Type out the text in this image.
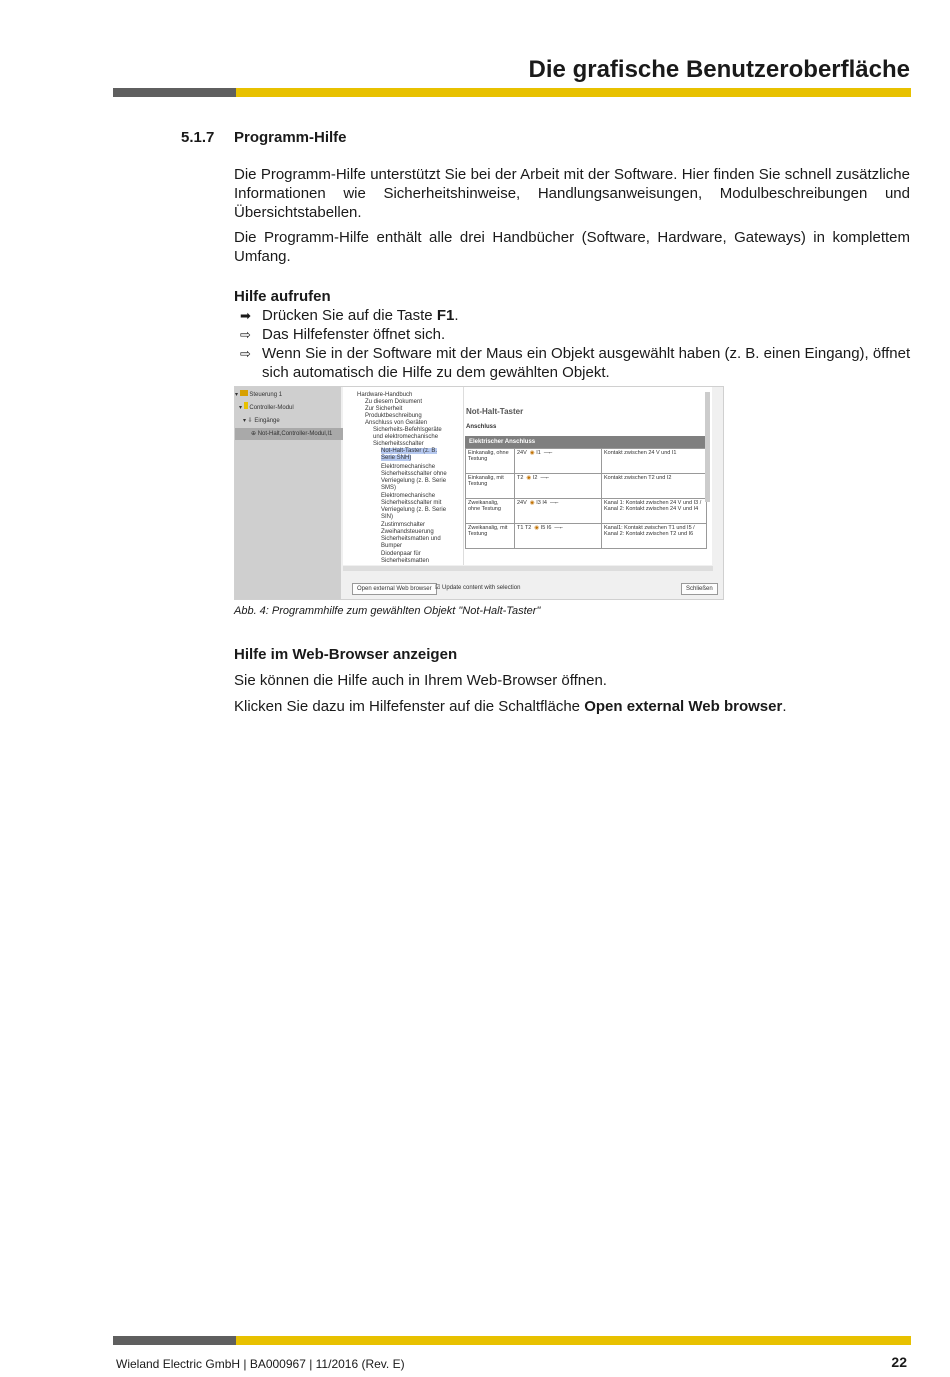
Die grafische Benutzeroberfläche
5.1.7 Programm-Hilfe

Die Programm-Hilfe unterstützt Sie bei der Arbeit mit der Software. Hier finden Sie schnell zusätzliche Informationen wie Sicherheitshinweise, Handlungsanweisungen, Modulbeschreibungen und Übersichtstabellen.

Die Programm-Hilfe enthält alle drei Handbücher (Software, Hardware, Gateways) in komplettem Umfang.

Hilfe aufrufen
➡ Drücken Sie auf die Taste F1.
⇨ Das Hilfefenster öffnet sich.
⇨ Wenn Sie in der Software mit der Maus ein Objekt ausgewählt haben (z. B. einen Eingang), öffnet sich automatisch die Hilfe zu dem gewählten Objekt.
▾  Steuerung 1
▾  Controller-Modul
▾ ⇩ Eingänge
⊕ Not-Halt,Controller-Modul,I1
Hardware-Handbuch
Zu diesem Dokument
Zur Sicherheit
Produktbeschreibung
Anschluss von Geräten
Sicherheits-Befehlsgeräte
und elektromechanische
Sicherheitsschalter
Not-Halt-Taster (z. B.
Serie SNH)
Elektromechanische
Sicherheitsschalter ohne
Verriegelung (z. B. Serie
SMS)
Elektromechanische
Sicherheitsschalter mit
Verriegelung (z. B. Serie
SIN)
Zustimmschalter
Zweihandsteuerung
Sicherheitsmatten und
Bumper
Diodenpaar für
Sicherheitsmatten
Not-Halt-Taster
Anschluss
Elektrischer Anschluss
Einkanalig, ohne Testung	24V ◉ I1  ―⌐	Kontakt zwischen 24 V und I1
Einkanalig, mit Testung	T2 ◉ I2  ―⌐	Kontakt zwischen T2 und I2
Zweikanalig, ohne Testung	24V ◉ I3 I4  ―⌐	Kanal 1: Kontakt zwischen 24 V und I3 / Kanal 2: Kontakt zwischen 24 V und I4
Zweikanalig, mit Testung	T1 T2 ◉ I5 I6  ―⌐	Kanal1: Kontakt zwischen T1 und I5 / Kanal 2: Kontakt zwischen T2 und I6
Open external Web browser ☑ Update content with selection	Schließen
Abb. 4: Programmhilfe zum gewählten Objekt "Not-Halt-Taster"
Hilfe im Web-Browser anzeigen

Sie können die Hilfe auch in Ihrem Web-Browser öffnen.

Klicken Sie dazu im Hilfefenster auf die Schaltfläche Open external Web browser.

Wieland Electric GmbH | BA000967 | 11/2016 (Rev. E)	22
